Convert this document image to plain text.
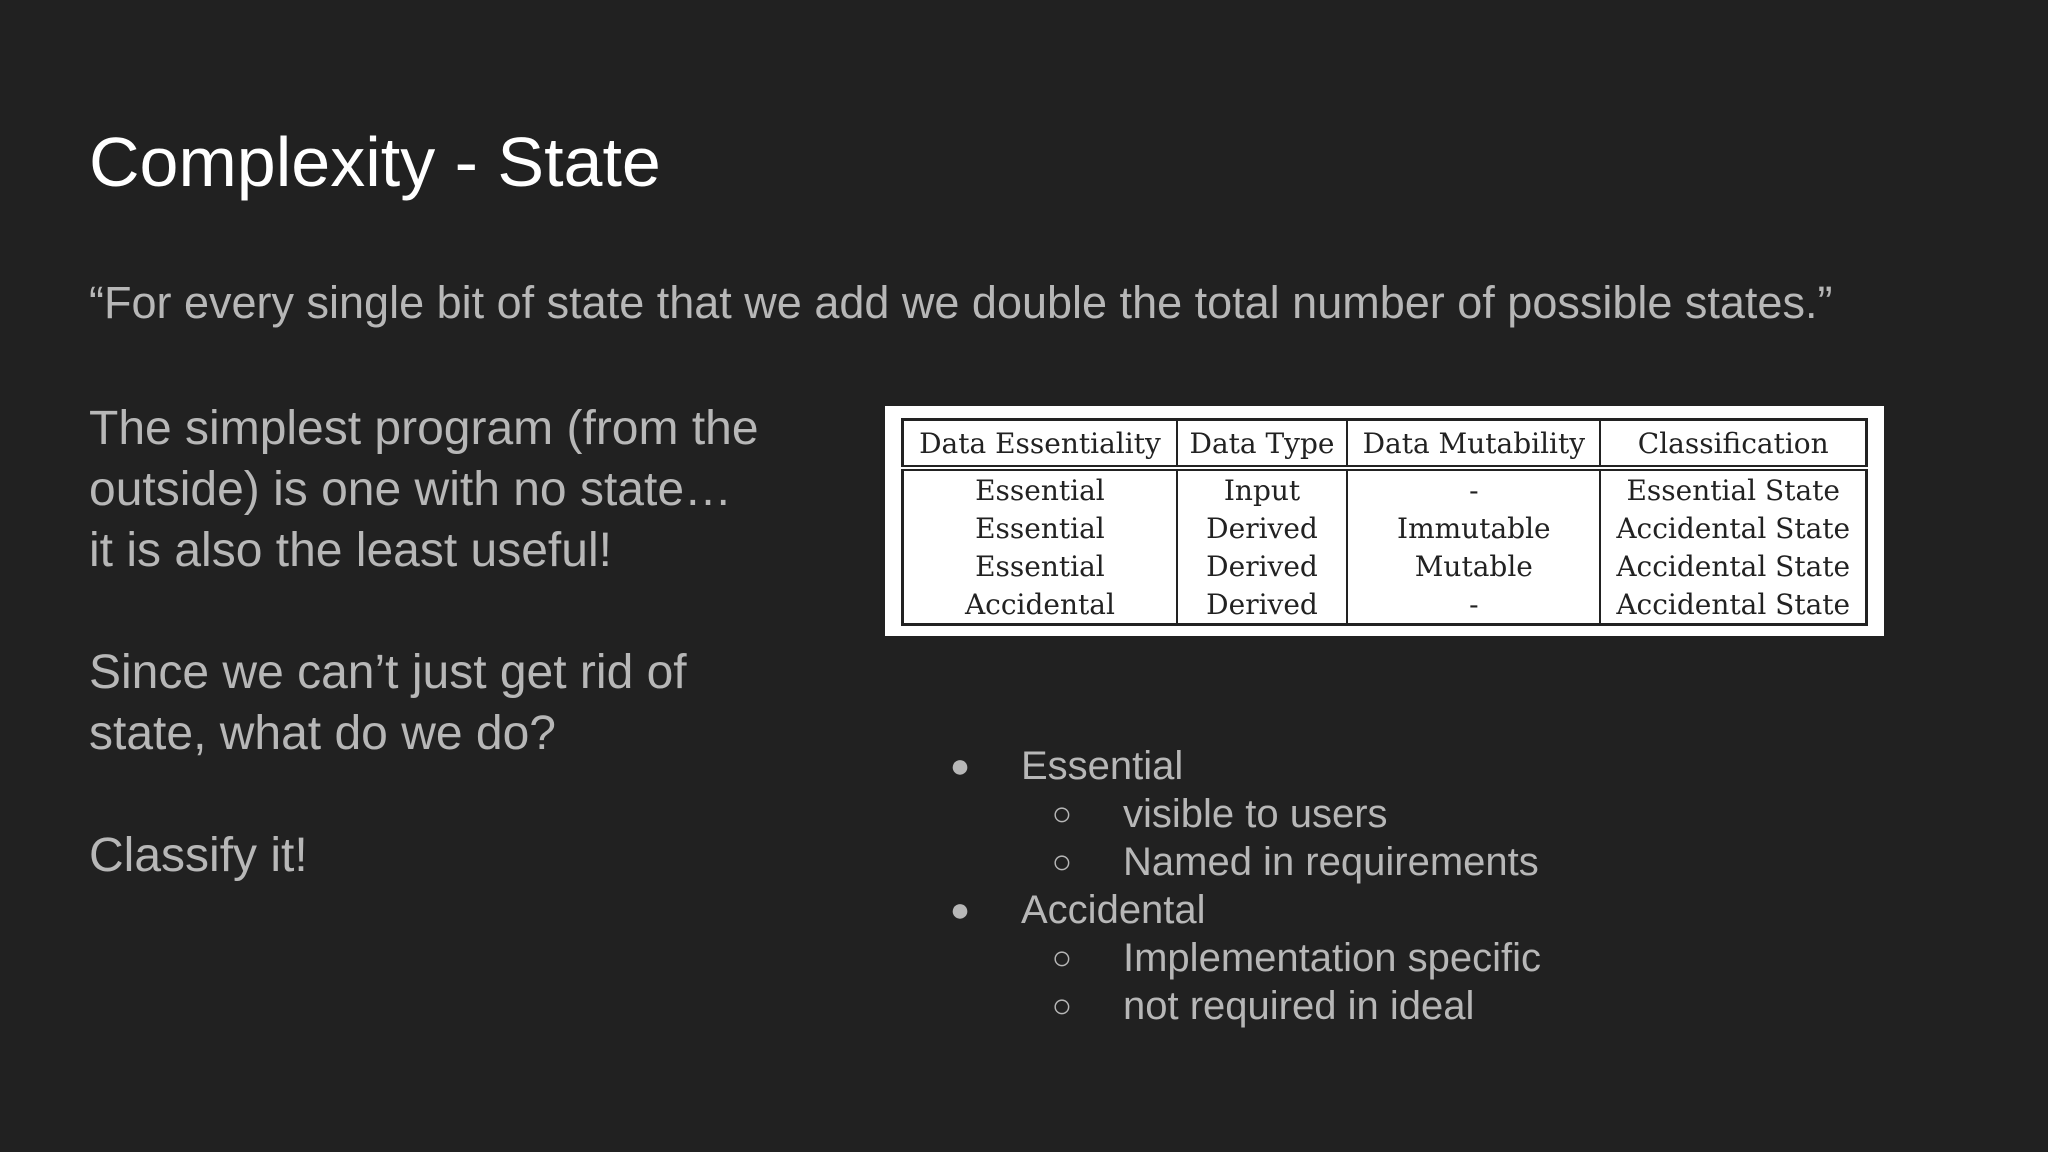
Complexity - State
“For every single bit of state that we add we double the total number of possible states.”

The simplest program (from the outside) is one with no state… it is also the least useful!

Since we can’t just get rid of state, what do we do?

Classify it!

Data Essentiality	Data Type	Data Mutability	Classification
Essential	Input	-	Essential State
Essential	Derived	Immutable	Accidental State
Essential	Derived	Mutable	Accidental State
Accidental	Derived	-	Accidental State
● Essential
○ visible to users
○ Named in requirements
● Accidental
○ Implementation specific
○ not required in ideal
